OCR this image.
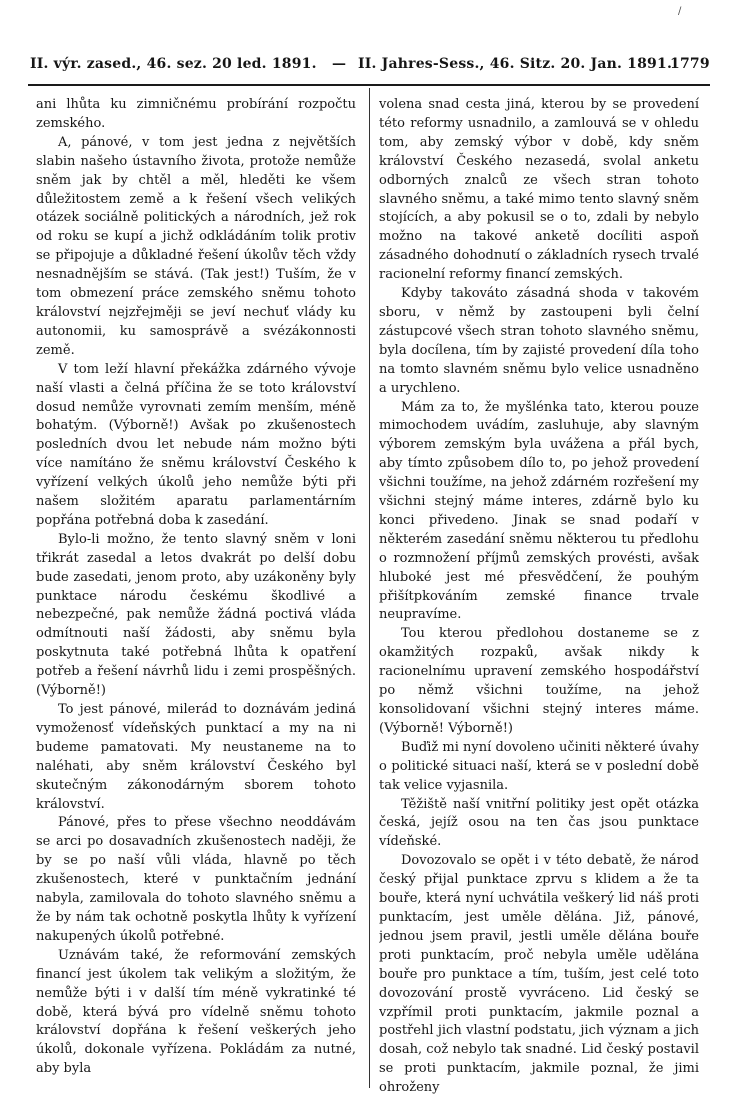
/
II. výr. zased., 46. sez. 20 led. 1891. — II. Jahres-Sess., 46. Sitz. 20. Jan. 1891.
1779

ani lhůta ku zimničnému probírání rozpočtu zemského.

A, pánové, v tom jest jedna z největších slabin našeho ústavního života, protože nemůže sněm jak by chtěl a měl, hleděti ke všem důležitostem země a k řešení všech velikých otázek sociálně politických a národních, jež rok od roku se kupí a jichž odkládáním tolik protiv se připojuje a důkladné řešení úkolův těch vždy nesnadnějším se stává. (Tak jest!) Tuším, že v tom obmezení práce zemského sněmu tohoto království nejzřejměji se jeví nechuť vlády ku autonomii, ku samosprávě a svézákonnosti země.

V tom leží hlavní překážka zdárného vývoje naší vlasti a čelná příčina že se toto království dosud nemůže vyrovnati zemím menším, méně bohatým. (Výborně!) Avšak po zkušenostech posledních dvou let nebude nám možno býti více namítáno že sněmu království Českého k vyřízení velkých úkolů jeho nemůže býti při našem složitém aparatu parlamentárním popřána potřebná doba k zasedání.

Bylo-li možno, že tento slavný sněm v loni třikrát zasedal a letos dvakrát po delší dobu bude zasedati, jenom proto, aby uzákoněny byly punktace národu českému škodlivé a nebezpečné, pak nemůže žádná poctivá vláda odmítnouti naší žádosti, aby sněmu byla poskytnuta také potřebná lhůta k opatření potřeb a řešení návrhů lidu i zemi prospěšných. (Výborně!)

To jest pánové, milerád to doznávám jediná vymoženosť vídeňských punktací a my na ni budeme pamatovati. My neustaneme na to naléhati, aby sněm království Českého byl skutečným zákonodárným sborem tohoto království.

Pánové, přes to přese všechno neoddávám se arci po dosavadních zkušenostech naději, že by se po naší vůli vláda, hlavně po těch zkušenostech, které v punktačním jednání nabyla, zamilovala do tohoto slavného sněmu a že by nám tak ochotně poskytla lhůty k vyřízení nakupených úkolů potřebné.

Uznávám také, že reformování zemských financí jest úkolem tak velikým a složitým, že nemůže býti i v další tím méně vykratinké té době, která bývá pro vídelně sněmu tohoto království dopřána k řešení veškerých jeho úkolů, dokonale vyřízena. Pokládám za nutné, aby byla

volena snad cesta jiná, kterou by se provedení této reformy usnadnilo, a zamlouvá se v ohledu tom, aby zemský výbor v době, kdy sněm království Českého nezasedá, svolal anketu odborných znalců ze všech stran tohoto slavného sněmu, a také mimo tento slavný sněm stojících, a aby pokusil se o to, zdali by nebylo možno na takové anketě docíliti aspoň zásadného dohodnutí o základních rysech trvalé racionelní reformy financí zemských.

Kdyby takováto zásadná shoda v takovém sboru, v němž by zastoupeni byli čelní zástupcové všech stran tohoto slavného sněmu, byla docílena, tím by zajisté provedení díla toho na tomto slavném sněmu bylo velice usnadněno a urychleno.

Mám za to, že myšlénka tato, kterou pouze mimochodem uvádím, zasluhuje, aby slavným výborem zemským byla uvážena a přál bych, aby tímto způsobem dílo to, po jehož provedení všichni toužíme, na jehož zdárném rozřešení my všichni stejný máme interes, zdárně bylo ku konci přivedeno. Jinak se snad podaří v některém zasedání sněmu některou tu předlohu o rozmnožení příjmů zemských provésti, avšak hluboké jest mé přesvědčení, že pouhým přišítpkováním zemské finance trvale neupravíme.

Tou kterou předlohou dostaneme se z okamžitých rozpaků, avšak nikdy k racionelnímu upravení zemského hospodářství po němž všichni toužíme, na jehož konsolidovaní všichni stejný interes máme. (Výborně! Výborně!)

Buďiž mi nyní dovoleno učiniti některé úvahy o politické situaci naší, která se v poslední době tak velice vyjasnila.

Těžiště naší vnitřní politiky jest opět otázka česká, jejíž osou na ten čas jsou punktace vídeňské.

Dovozovalo se opět i v této debatě, že národ český přijal punktace zprvu s klidem a že ta bouře, která nyní uchvátila veškerý lid náš proti punktacím, jest uměle dělána. Již, pánové, jednou jsem pravil, jestli uměle dělána bouře proti punktacím, proč nebyla uměle udělána bouře pro punktace a tím, tuším, jest celé toto dovozování prostě vyvráceno. Lid český se vzpřímil proti punktacím, jakmile poznal a postřehl jich vlastní podstatu, jich význam a jich dosah, což nebylo tak snadné. Lid český postavil se proti punktacím, jakmile poznal, že jimi ohroženy
